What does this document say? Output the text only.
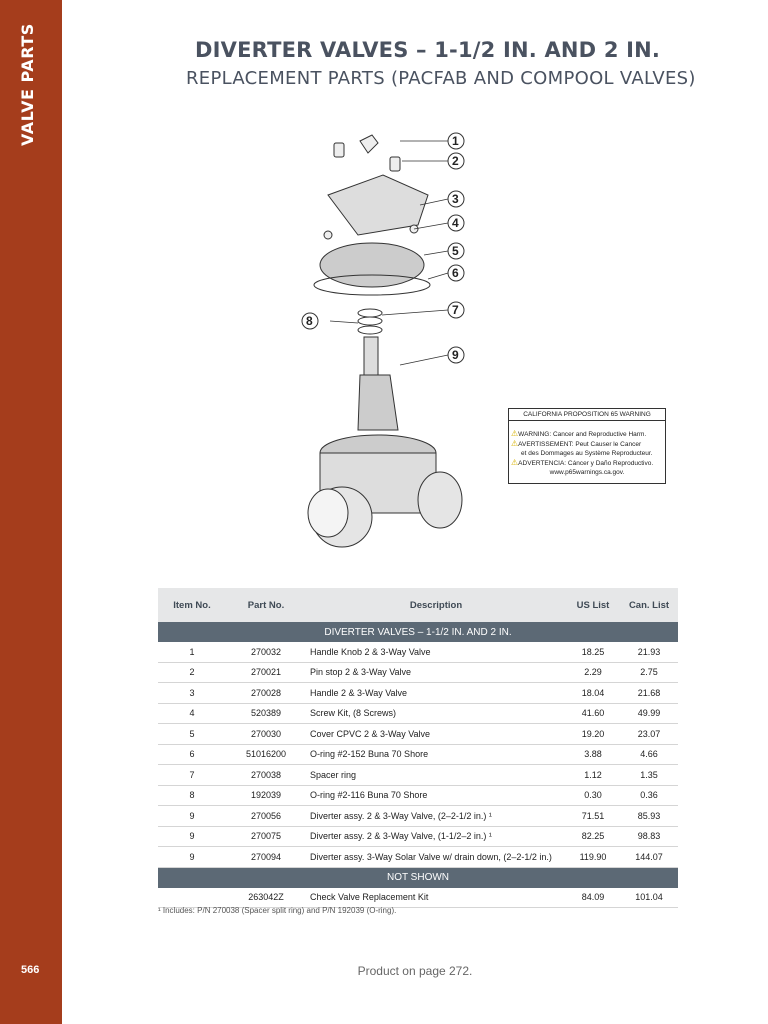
VALVE PARTS
566
DIVERTER VALVES – 1-1/2 IN. AND 2 IN.
REPLACEMENT PARTS (PACFAB AND COMPOOL VALVES)
1
2
3
4
5
6
7
8
9
CALIFORNIA PROPOSITION 65 WARNING
⚠WARNING: Cancer and Reproductive Harm.
⚠AVERTISSEMENT: Peut Causer le Cancer
et des Dommages au Système Reproducteur.
⚠ADVERTENCIA: Cáncer y Daño Reproductivo.
www.p65warnings.ca.gov.
Item No.	Part No.	Description	US List	Can. List
DIVERTER VALVES – 1-1/2 IN. AND 2 IN.				
1	270032	Handle Knob 2 & 3-Way Valve	18.25	21.93
2	270021	Pin stop 2 & 3-Way Valve	2.29	2.75
3	270028	Handle 2 & 3-Way Valve	18.04	21.68
4	520389	Screw Kit, (8 Screws)	41.60	49.99
5	270030	Cover CPVC 2 & 3-Way Valve	19.20	23.07
6	51016200	O-ring #2-152 Buna 70 Shore	3.88	4.66
7	270038	Spacer ring	1.12	1.35
8	192039	O-ring #2-116 Buna 70 Shore	0.30	0.36
9	270056	Diverter assy. 2 & 3-Way Valve, (2–2-1/2 in.) ¹	71.51	85.93
9	270075	Diverter assy. 2 & 3-Way Valve, (1-1/2–2 in.) ¹	82.25	98.83
9	270094	Diverter assy. 3-Way Solar Valve w/ drain down, (2–2-1/2 in.)	119.90	144.07
NOT SHOWN				
	263042Z	Check Valve Replacement Kit	84.09	101.04
¹ Includes: P/N 270038 (Spacer split ring) and P/N 192039 (O-ring).
Product on page 272.
